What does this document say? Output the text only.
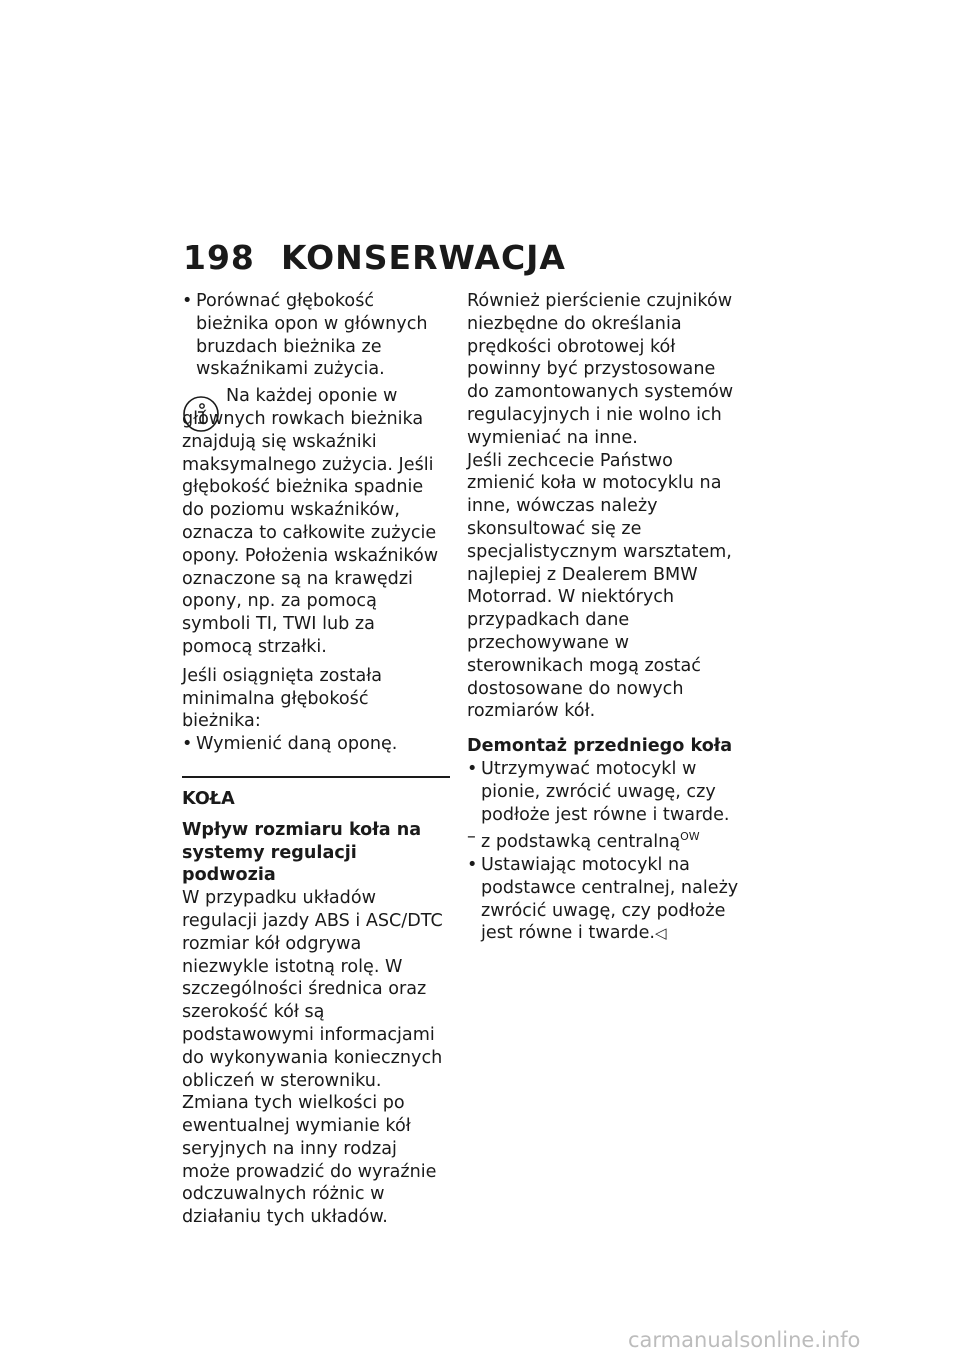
198 KONSERWACJA

• Porównać głębokość bieżnika opon w głównych bruzdach bieżnika ze wskaźnikami zużycia.

Na każdej oponie w głównych rowkach bieżnika znajdują się wskaźniki maksymalnego zużycia. Jeśli głębokość bieżnika spadnie do poziomu wskaźników, oznacza to całkowite zużycie opony. Położenia wskaźników oznaczone są na krawędzi opony, np. za pomocą symboli TI, TWI lub za pomocą strzałki.

Jeśli osiągnięta została minimalna głębokość bieżnika:

• Wymienić daną oponę.

KOŁA

Wpływ rozmiaru koła na systemy regulacji podwozia

W przypadku układów regulacji jazdy ABS i ASC/DTC rozmiar kół odgrywa niezwykle istotną rolę. W szczególności średnica oraz szerokość kół są podstawowymi informacjami do wykonywania koniecznych obliczeń w sterowniku. Zmiana tych wielkości po ewentualnej wymianie kół seryjnych na inny rodzaj może prowadzić do wyraźnie odczuwalnych różnic w działaniu tych układów.

Również pierścienie czujników niezbędne do określania prędkości obrotowej kół powinny być przystosowane do zamontowanych systemów regulacyjnych i nie wolno ich wymieniać na inne.

Jeśli zechcecie Państwo zmienić koła w motocyklu na inne, wówczas należy skonsultować się ze specjalistycznym warsztatem, najlepiej z Dealerem BMW Motorrad. W niektórych przypadkach dane przechowywane w sterownikach mogą zostać dostosowane do nowych rozmiarów kół.

Demontaż przedniego koła

• Utrzymywać motocykl w pionie, zwrócić uwagę, czy podłoże jest równe i twarde.

– z podstawką centralną$^{OW}$

• Ustawiając motocykl na podstawce centralnej, należy zwrócić uwagę, czy podłoże jest równe i twarde.◁

carmanualsonline.info
